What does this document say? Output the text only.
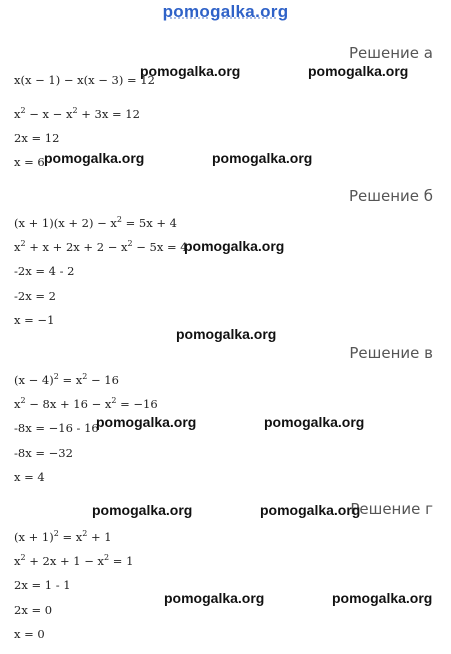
pomogalka.org
Решение а
x(x − 1) − x(x − 3) = 12
$x^2 - x - x^2 + 3x = 12$
2x = 12
x = 6
Решение б
$(x + 1)(x + 2) - x^2 = 5x + 4$
$x^2 + x + 2x + 2 - x^2 - 5x = 4$
-2x = 4 - 2
-2x = 2
x = −1
Решение в
$(x - 4)^2 = x^2 - 16$
$x^2 - 8x + 16 - x^2 = -16$
-8x = −16 - 16
-8x = −32
x = 4
Решение г
$(x + 1)^2 = x^2 + 1$
$x^2 + 2x + 1 - x^2 = 1$
2x = 1 - 1
2x = 0
x = 0
pomogalka.org	pomogalka.org
pomogalka.org	pomogalka.org
pomogalka.org
pomogalka.org
pomogalka.org	pomogalka.org
pomogalka.org	pomogalka.org
pomogalka.org	pomogalka.org
